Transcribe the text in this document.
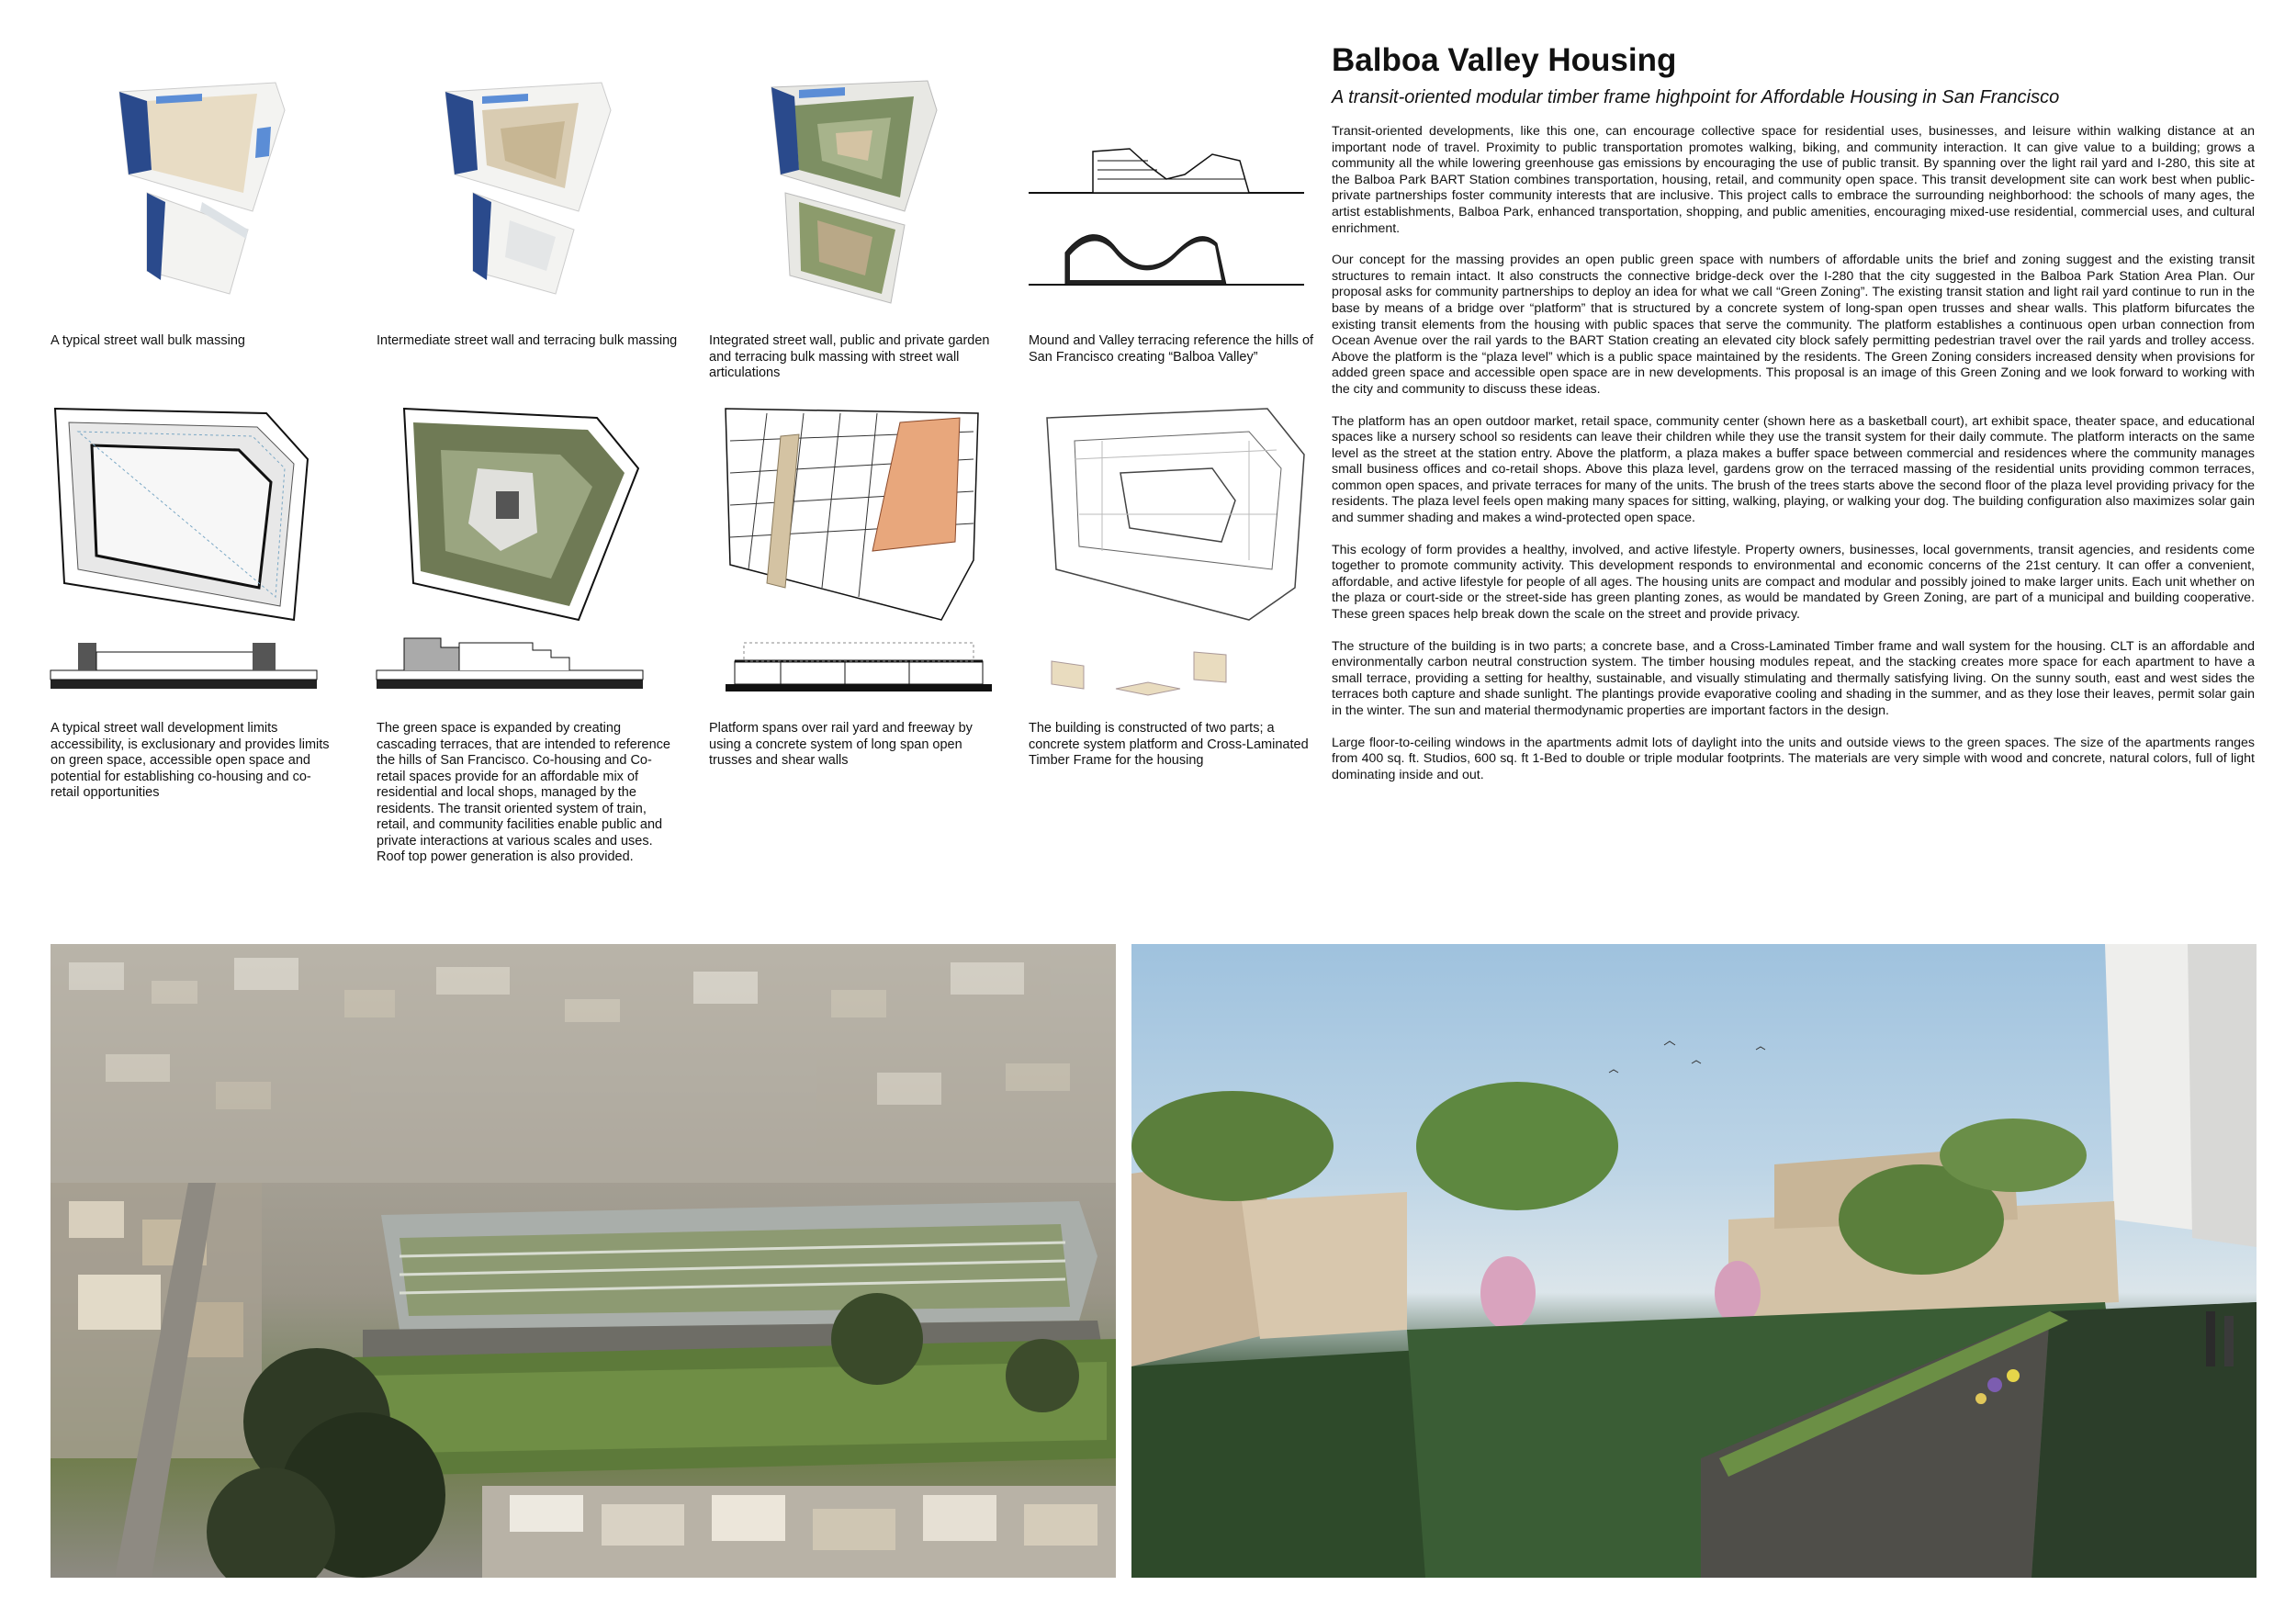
Balboa Valley Housing
A transit-oriented modular timber frame highpoint for Affordable Housing in San Francisco

Transit-oriented developments, like this one, can encourage collective space for residential uses, businesses, and leisure within walking distance at an important node of travel. Proximity to public transportation promotes walking, biking, and community interaction. It can give value to a building; grows a community all the while lowering greenhouse gas emissions by encouraging the use of public transit. By spanning over the light rail yard and I-280, this site at the Balboa Park BART Station combines transportation, housing, retail, and community open space. This transit development site can work best when public-private partnerships foster community interests that are inclusive. This project calls to embrace the surrounding neighborhood: the schools of many ages, the artist establishments, Balboa Park, enhanced transportation, shopping, and public amenities, encouraging mixed-use residential, commercial uses, and cultural enrichment.

Our concept for the massing provides an open public green space with numbers of affordable units the brief and zoning suggest and the existing transit structures to remain intact. It also constructs the connective bridge-deck over the I-280 that the city suggested in the Balboa Park Station Area Plan. Our proposal asks for community partnerships to deploy an idea for what we call “Green Zoning”. The existing transit station and light rail yard continue to run in the base by means of a bridge over “platform” that is structured by a concrete system of long-span open trusses and shear walls. This platform bifurcates the existing transit elements from the housing with public spaces that serve the community. The platform establishes a continuous open urban connection from Ocean Avenue over the rail yards to the BART Station creating an elevated city block safely permitting pedestrian travel over the rail yards and trolley access. Above the platform is the “plaza level” which is a public space maintained by the residents. The Green Zoning considers increased density when provisions for added green space and accessible open space are in new developments. This proposal is an image of this Green Zoning and we look forward to working with the city and community to discuss these ideas.

The platform has an open outdoor market, retail space, community center (shown here as a basketball court), art exhibit space, theater space, and educational spaces like a nursery school so residents can leave their children while they use the transit system for their daily commute. The platform interacts on the same level as the street at the station entry. Above the platform, a plaza makes a buffer space between commercial and residences where the community manages small business offices and co-retail shops. Above this plaza level, gardens grow on the terraced massing of the residential units providing common terraces, common open spaces, and private terraces for many of the units. The brush of the trees starts above the second floor of the plaza level providing privacy for the residents. The plaza level feels open making many spaces for sitting, walking, playing, or walking your dog. The building configuration also maximizes solar gain and summer shading and makes a wind-protected open space.

This ecology of form provides a healthy, involved, and active lifestyle. Property owners, businesses, local governments, transit agencies, and residents come together to promote community activity. This development responds to environmental and economic concerns of the 21st century. It can offer a convenient, affordable, and active lifestyle for people of all ages. The housing units are compact and modular and possibly joined to make larger units. Each unit whether on the plaza or court-side or the street-side has green planting zones, as would be mandated by Green Zoning, are part of a municipal and building cooperative. These green spaces help break down the scale on the street and provide privacy.

The structure of the building is in two parts; a concrete base, and a Cross-Laminated Timber frame and wall system for the housing. CLT is an affordable and environmentally carbon neutral construction system. The timber housing modules repeat, and the stacking creates more space for each apartment to have a small terrace, providing a setting for healthy, sustainable, and visually stimulating and thermally satisfying living. On the sunny south, east and west sides the terraces both capture and shade sunlight. The plantings provide evaporative cooling and shading in the summer, and as they lose their leaves, permit solar gain in the winter. The sun and material thermodynamic properties are important factors in the design.

Large floor-to-ceiling windows in the apartments admit lots of daylight into the units and outside views to the green spaces. The size of the apartments ranges from 400 sq. ft. Studios, 600 sq. ft 1-Bed to double or triple modular footprints. The materials are very simple with wood and concrete, natural colors, full of light dominating inside and out.

A typical street wall bulk massing	Intermediate street wall and terracing bulk massing	Integrated street wall, public and private garden and terracing bulk massing with street wall articulations
Mound and Valley terracing reference the hills of San Francisco creating “Balboa Valley”
A typical street wall development limits accessibility, is exclusionary and provides limits on green space, accessible open space and potential for establishing co-housing and co-retail opportunities
The green space is expanded by creating cascading terraces, that are intended to reference the hills of San Francisco. Co-housing and Co-retail spaces provide for an affordable mix of residential and local shops, managed by the residents. The transit oriented system of train, retail, and community facilities enable public and private interactions at various scales and uses. Roof top power generation is also provided.
Platform spans over rail yard and freeway by using a concrete system of long span open trusses and shear walls
The building is constructed of two parts; a concrete system platform and Cross-Laminated Timber Frame for the housing
